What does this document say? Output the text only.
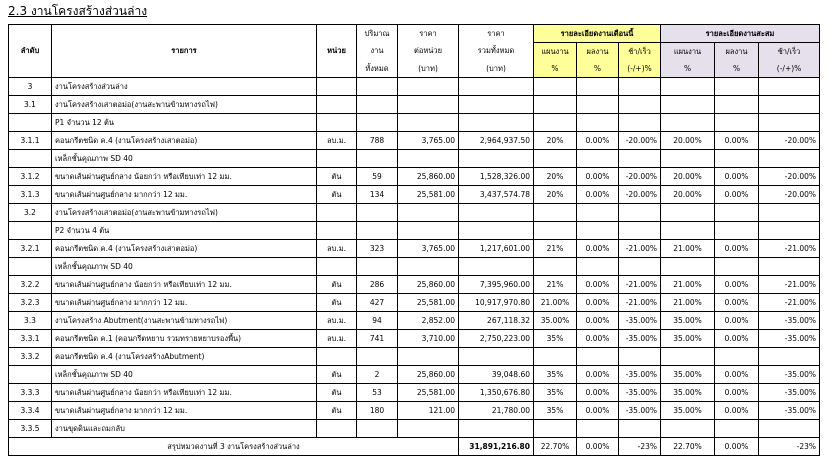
2.3 งานโครงสร้างส่วนล่าง
ลำดับ	รายการ	หน่วย	ปริมาณ	ราคา	ราคา	รายละเอียดงานเดือนนี้			รายละเอียดงานสะสม		
			งาน	ต่อหน่วย	รวมทั้งหมด	แผนงาน	ผลงาน	ช้า/เร็ว	แผนงาน	ผลงาน	ช้า/เร็ว
			ทั้งหมด	(บาท)	(บาท)	%	%	(-/+)%	%	%	(-/+)%
3	งานโครงสร้างส่วนล่าง										
3.1	งานโครงสร้างเสาตอม่อ(งานสะพานข้ามทางรถไฟ)										
	P1 จำนวน 12 ต้น										
3.1.1	คอนกรีตชนิด ค.4 (งานโครงสร้างเสาตอม่อ)	ลบ.ม.	788	3,765.00	2,964,937.50	20%	0.00%	-20.00%	20.00%	0.00%	-20.00%
	เหล็กชั้นคุณภาพ SD 40										
3.1.2	ขนาดเส้นผ่านศูนย์กลาง น้อยกว่า หรือเทียบเท่า 12 มม.	ตัน	59	25,860.00	1,528,326.00	20%	0.00%	-20.00%	20.00%	0.00%	-20.00%
3.1.3	ขนาดเส้นผ่านศูนย์กลาง มากกว่า 12 มม.	ตัน	134	25,581.00	3,437,574.78	20%	0.00%	-20.00%	20.00%	0.00%	-20.00%
3.2	งานโครงสร้างเสาตอม่อ(งานสะพานข้ามทางรถไฟ)										
	P2 จำนวน 4 ต้น										
3.2.1	คอนกรีตชนิด ค.4 (งานโครงสร้างเสาตอม่อ)	ลบ.ม.	323	3,765.00	1,217,601.00	21%	0.00%	-21.00%	21.00%	0.00%	-21.00%
	เหล็กชั้นคุณภาพ SD 40										
3.2.2	ขนาดเส้นผ่านศูนย์กลาง น้อยกว่า หรือเทียบเท่า 12 มม.	ตัน	286	25,860.00	7,395,960.00	21%	0.00%	-21.00%	21.00%	0.00%	-21.00%
3.2.3	ขนาดเส้นผ่านศูนย์กลาง มากกว่า 12 มม.	ตัน	427	25,581.00	10,917,970.80	21.00%	0.00%	-21.00%	21.00%	0.00%	-21.00%
3.3	งานโครงสร้าง Abutment(งานสะพานข้ามทางรถไฟ)	ลบ.ม.	94	2,852.00	267,118.32	35.00%	0.00%	-35.00%	35.00%	0.00%	-35.00%
3.3.1	คอนกรีตชนิด ค.1 (คอนกรีตหยาบ รวมทรายหยาบรองพื้น)	ลบ.ม.	741	3,710.00	2,750,223.00	35%	0.00%	-35.00%	35.00%	0.00%	-35.00%
3.3.2	คอนกรีตชนิด ค.4 (งานโครงสร้างAbutment)										
	เหล็กชั้นคุณภาพ SD 40	ตัน	2	25,860.00	39,048.60	35%	0.00%	-35.00%	35.00%	0.00%	-35.00%
3.3.3	ขนาดเส้นผ่านศูนย์กลาง น้อยกว่า หรือเทียบเท่า 12 มม.	ตัน	53	25,581.00	1,350,676.80	35%	0.00%	-35.00%	35.00%	0.00%	-35.00%
3.3.4	ขนาดเส้นผ่านศูนย์กลาง มากกว่า 12 มม.	ตัน	180	121.00	21,780.00	35%	0.00%	-35.00%	35.00%	0.00%	-35.00%
3.3.5	งานขุดดินและถมกลับ										
สรุปหมวดงานที่ 3 งานโครงสร้างส่วนล่าง					31,891,216.80	22.70%	0.00%	-23%	22.70%	0.00%	-23%
